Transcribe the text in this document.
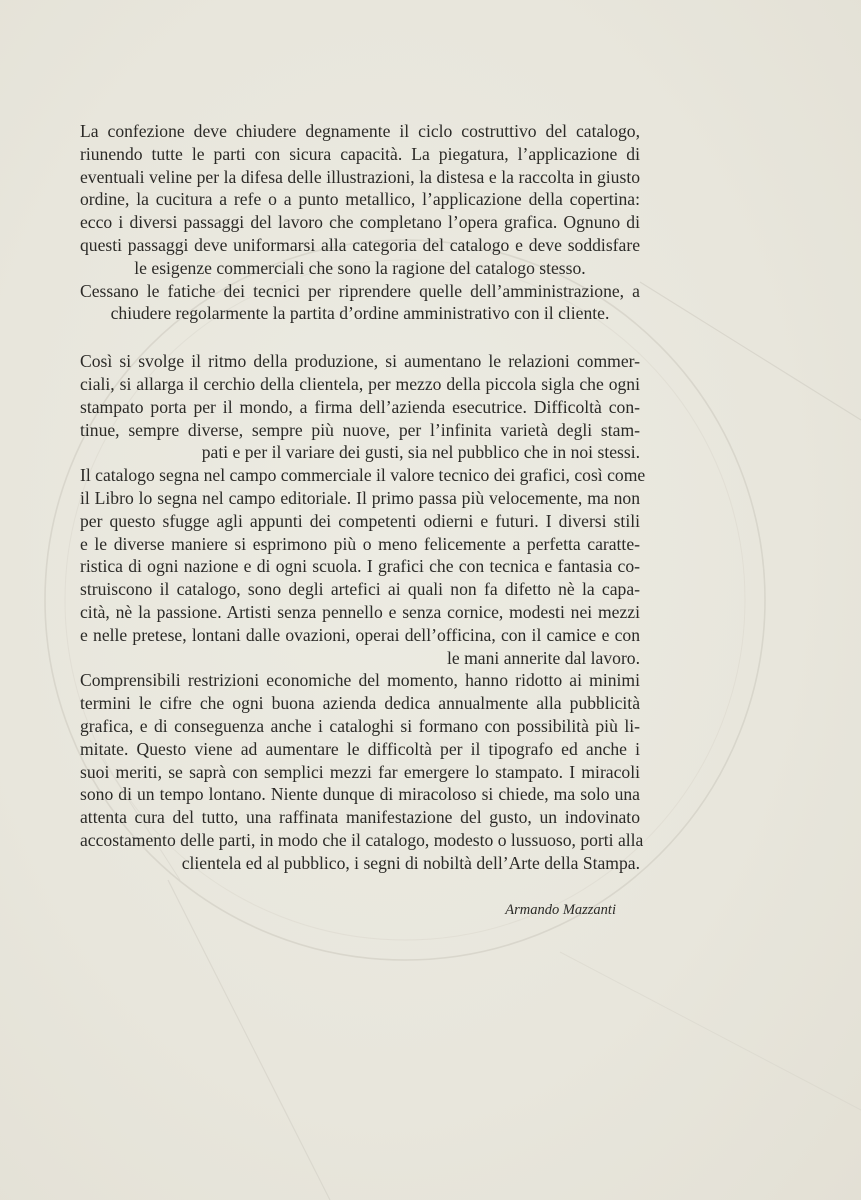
La confezione deve chiudere degnamente il ciclo costruttivo del catalogo,
riunendo tutte le parti con sicura capacità. La piegatura, l’applicazione di
eventuali veline per la difesa delle illustrazioni, la distesa e la raccolta in giusto
ordine, la cucitura a refe o a punto metallico, l’applicazione della copertina:
ecco i diversi passaggi del lavoro che completano l’opera grafica. Ognuno di
questi passaggi deve uniformarsi alla categoria del catalogo e deve soddisfare
le esigenze commerciali che sono la ragione del catalogo stesso.
Cessano le fatiche dei tecnici per riprendere quelle dell’amministrazione, a
chiudere regolarmente la partita d’ordine amministrativo con il cliente.
Così si svolge il ritmo della produzione, si aumentano le relazioni commer-
ciali, si allarga il cerchio della clientela, per mezzo della piccola sigla che ogni
stampato porta per il mondo, a firma dell’azienda esecutrice. Difficoltà con-
tinue, sempre diverse, sempre più nuove, per l’infinita varietà degli stam-
pati e per il variare dei gusti, sia nel pubblico che in noi stessi.
Il catalogo segna nel campo commerciale il valore tecnico dei grafici, così come
il Libro lo segna nel campo editoriale. Il primo passa più velocemente, ma non
per questo sfugge agli appunti dei competenti odierni e futuri. I diversi stili
e le diverse maniere si esprimono più o meno felicemente a perfetta caratte-
ristica di ogni nazione e di ogni scuola. I grafici che con tecnica e fantasia co-
struiscono il catalogo, sono degli artefici ai quali non fa difetto nè la capa-
cità, nè la passione. Artisti senza pennello e senza cornice, modesti nei mezzi
e nelle pretese, lontani dalle ovazioni, operai dell’officina, con il camice e con
le mani annerite dal lavoro.
Comprensibili restrizioni economiche del momento, hanno ridotto ai minimi
termini le cifre che ogni buona azienda dedica annualmente alla pubblicità
grafica, e di conseguenza anche i cataloghi si formano con possibilità più li-
mitate. Questo viene ad aumentare le difficoltà per il tipografo ed anche i
suoi meriti, se saprà con semplici mezzi far emergere lo stampato. I miracoli
sono di un tempo lontano. Niente dunque di miracoloso si chiede, ma solo una
attenta cura del tutto, una raffinata manifestazione del gusto, un indovinato
accostamento delle parti, in modo che il catalogo, modesto o lussuoso, porti alla
clientela ed al pubblico, i segni di nobiltà dell’Arte della Stampa.
Armando Mazzanti
